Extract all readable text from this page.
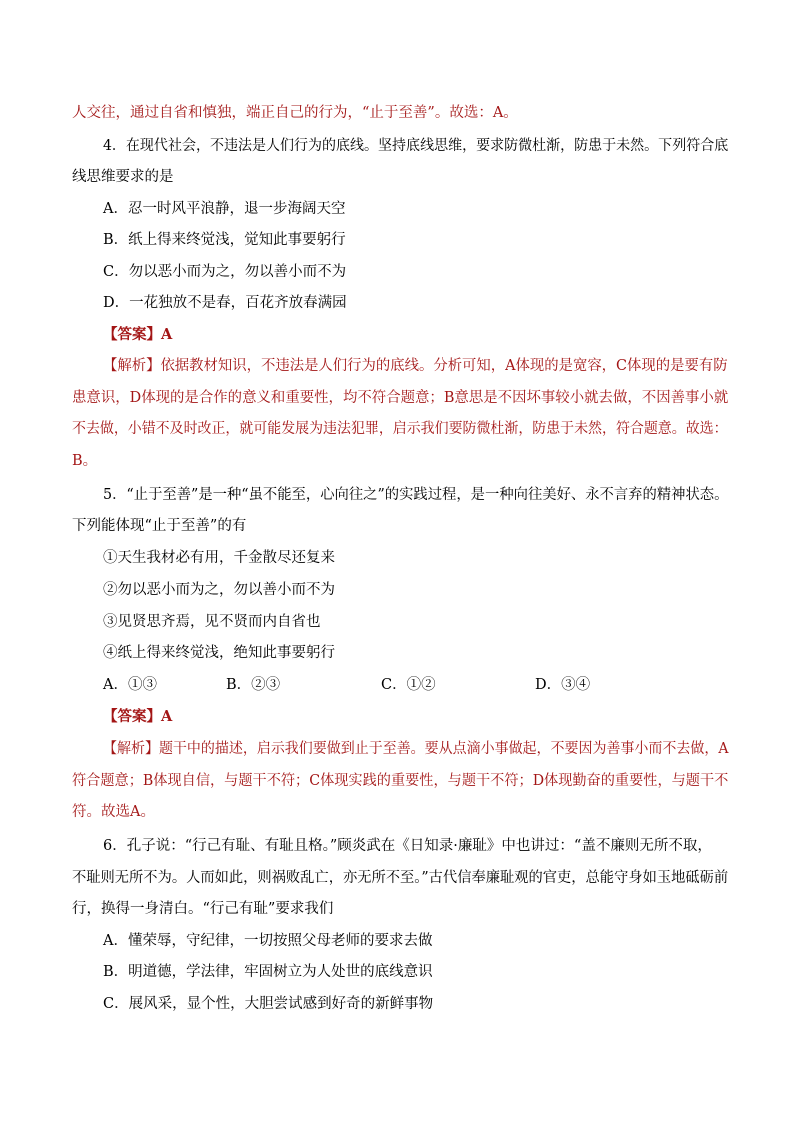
人交往，通过自省和慎独，端正自己的行为，“止于至善”。故选：A。
4．在现代社会，不违法是人们行为的底线。坚持底线思维，要求防微杜渐，防患于未然。下列符合底
线思维要求的是
A．忍一时风平浪静，退一步海阔天空
B．纸上得来终觉浅，觉知此事要躬行
C．勿以恶小而为之，勿以善小而不为
D．一花独放不是春，百花齐放春满园
【答案】A
【解析】依据教材知识，不违法是人们行为的底线。分析可知，A体现的是宽容，C体现的是要有防
患意识，D体现的是合作的意义和重要性，均不符合题意；B意思是不因坏事较小就去做，不因善事小就
不去做，小错不及时改正，就可能发展为违法犯罪，启示我们要防微杜渐，防患于未然，符合题意。故选：
B。
5．“止于至善”是一种“虽不能至，心向往之”的实践过程，是一种向往美好、永不言弃的精神状态。
下列能体现“止于至善”的有
①天生我材必有用，千金散尽还复来
②勿以恶小而为之，勿以善小而不为
③见贤思齐焉，见不贤而内自省也
④纸上得来终觉浅，绝知此事要躬行
A．①③	B．②③	C．①②	D．③④
【答案】A
【解析】题干中的描述，启示我们要做到止于至善。要从点滴小事做起，不要因为善事小而不去做，A
符合题意；B体现自信，与题干不符；C体现实践的重要性，与题干不符；D体现勤奋的重要性，与题干不
符。故选A。
6．孔子说：“行己有耻、有耻且格。”顾炎武在《日知录·廉耻》中也讲过：“盖不廉则无所不取，
不耻则无所不为。人而如此，则祸败乱亡，亦无所不至。”古代信奉廉耻观的官吏，总能守身如玉地砥砺前
行，换得一身清白。“行己有耻”要求我们
A．懂荣辱，守纪律，一切按照父母老师的要求去做
B．明道德，学法律，牢固树立为人处世的底线意识
C．展风采，显个性，大胆尝试感到好奇的新鲜事物
